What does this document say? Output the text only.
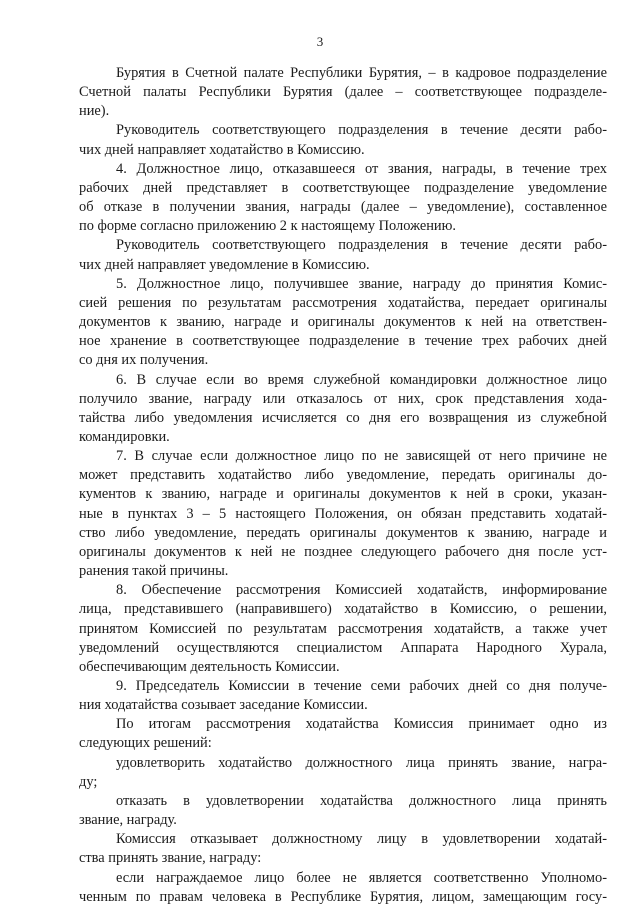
3
Бурятия в Счетной палате Республики Бурятия, – в кадровое подразделение
Счетной палаты Республики Бурятия (далее – соответствующее подразделе-
ние).
Руководитель соответствующего подразделения в течение десяти рабо-
чих дней направляет ходатайство в Комиссию.
4. Должностное лицо, отказавшееся от звания, награды, в течение трех
рабочих дней представляет в соответствующее подразделение уведомление
об отказе в получении звания, награды (далее – уведомление), составленное
по форме согласно приложению 2 к настоящему Положению.
Руководитель соответствующего подразделения в течение десяти рабо-
чих дней направляет уведомление в Комиссию.
5. Должностное лицо, получившее звание, награду до принятия Комис-
сией решения по результатам рассмотрения ходатайства, передает оригиналы
документов к званию, награде и оригиналы документов к ней на ответствен-
ное хранение в соответствующее подразделение в течение трех рабочих дней
со дня их получения.
6. В случае если во время служебной командировки должностное лицо
получило звание, награду или отказалось от них, срок представления хода-
тайства либо уведомления исчисляется со дня его возвращения из служебной
командировки.
7. В случае если должностное лицо по не зависящей от него причине не
может представить ходатайство либо уведомление, передать оригиналы до-
кументов к званию, награде и оригиналы документов к ней в сроки, указан-
ные в пунктах 3 – 5 настоящего Положения, он обязан представить ходатай-
ство либо уведомление, передать оригиналы документов к званию, награде и
оригиналы документов к ней не позднее следующего рабочего дня после уст-
ранения такой причины.
8. Обеспечение рассмотрения Комиссией ходатайств, информирование
лица, представившего (направившего) ходатайство в Комиссию, о решении,
принятом Комиссией по результатам рассмотрения ходатайств, а также учет
уведомлений осуществляются специалистом Аппарата Народного Хурала,
обеспечивающим деятельность Комиссии.
9. Председатель Комиссии в течение семи рабочих дней со дня получе-
ния ходатайства созывает заседание Комиссии.
По итогам рассмотрения ходатайства Комиссия принимает одно из
следующих решений:
удовлетворить ходатайство должностного лица принять звание, награ-
ду;
отказать в удовлетворении ходатайства должностного лица принять
звание, награду.
Комиссия отказывает должностному лицу в удовлетворении ходатай-
ства принять звание, награду:
если награждаемое лицо более не является соответственно Уполномо-
ченным по правам человека в Республике Бурятия, лицом, замещающим госу-
